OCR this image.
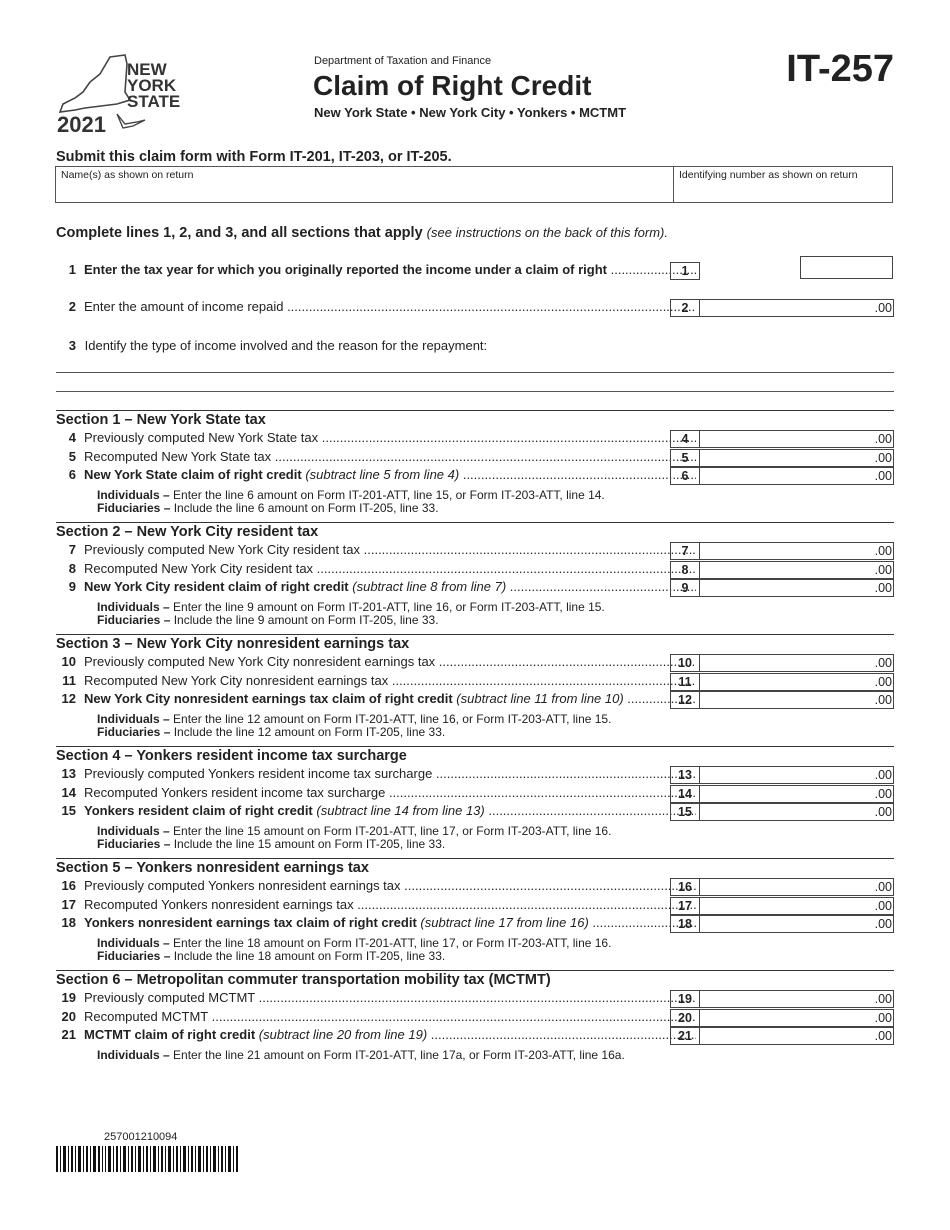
NEW
YORK
STATE
2021
Department of Taxation and Finance
Claim of Right Credit
New York State • New York City • Yonkers • MCTMT
IT-257
Submit this claim form with Form IT-201, IT-203, or IT-205.
Name(s) as shown on return	Identifying number as shown on return
Complete lines 1, 2, and 3, and all sections that apply (see instructions on the back of this form).
1 Enter the tax year for which you originally reported the income under a claim of right .....	1
2 Enter the amount of income repaid .....	2	.00
3 Identify the type of income involved and the reason for the repayment:
Section 1 – New York State tax
4 Previously computed New York State tax .....	4	.00
5 Recomputed New York State tax .....	5	.00
6 New York State claim of right credit (subtract line 5 from line 4) .....	6	.00
Individuals – Enter the line 6 amount on Form IT-201-ATT, line 15, or Form IT-203-ATT, line 14.
Fiduciaries – Include the line 6 amount on Form IT-205, line 33.
Section 2 – New York City resident tax
7 Previously computed New York City resident tax .....	7	.00
8 Recomputed New York City resident tax .....	8	.00
9 New York City resident claim of right credit (subtract line 8 from line 7) .....	9	.00
Individuals – Enter the line 9 amount on Form IT-201-ATT, line 16, or Form IT-203-ATT, line 15.
Fiduciaries – Include the line 9 amount on Form IT-205, line 33.
Section 3 – New York City nonresident earnings tax
10 Previously computed New York City nonresident earnings tax .....	10	.00
11 Recomputed New York City nonresident earnings tax .....	11	.00
12 New York City nonresident earnings tax claim of right credit (subtract line 11 from line 10) .....	12	.00
Individuals – Enter the line 12 amount on Form IT-201-ATT, line 16, or Form IT-203-ATT, line 15.
Fiduciaries – Include the line 12 amount on Form IT-205, line 33.
Section 4 – Yonkers resident income tax surcharge
13 Previously computed Yonkers resident income tax surcharge .....	13	.00
14 Recomputed Yonkers resident income tax surcharge .....	14	.00
15 Yonkers resident claim of right credit (subtract line 14 from line 13) .....	15	.00
Individuals – Enter the line 15 amount on Form IT-201-ATT, line 17, or Form IT-203-ATT, line 16.
Fiduciaries – Include the line 15 amount on Form IT-205, line 33.
Section 5 – Yonkers nonresident earnings tax
16 Previously computed Yonkers nonresident earnings tax .....	16	.00
17 Recomputed Yonkers nonresident earnings tax .....	17	.00
18 Yonkers nonresident earnings tax claim of right credit (subtract line 17 from line 16) .....	18	.00
Individuals – Enter the line 18 amount on Form IT-201-ATT, line 17, or Form IT-203-ATT, line 16.
Fiduciaries – Include the line 18 amount on Form IT-205, line 33.
Section 6 – Metropolitan commuter transportation mobility tax (MCTMT)
19 Previously computed MCTMT .....	19	.00
20 Recomputed MCTMT .....	20	.00
21 MCTMT claim of right credit (subtract line 20 from line 19) .....	21	.00
Individuals – Enter the line 21 amount on Form IT-201-ATT, line 17a, or Form IT-203-ATT, line 16a.
257001210094
